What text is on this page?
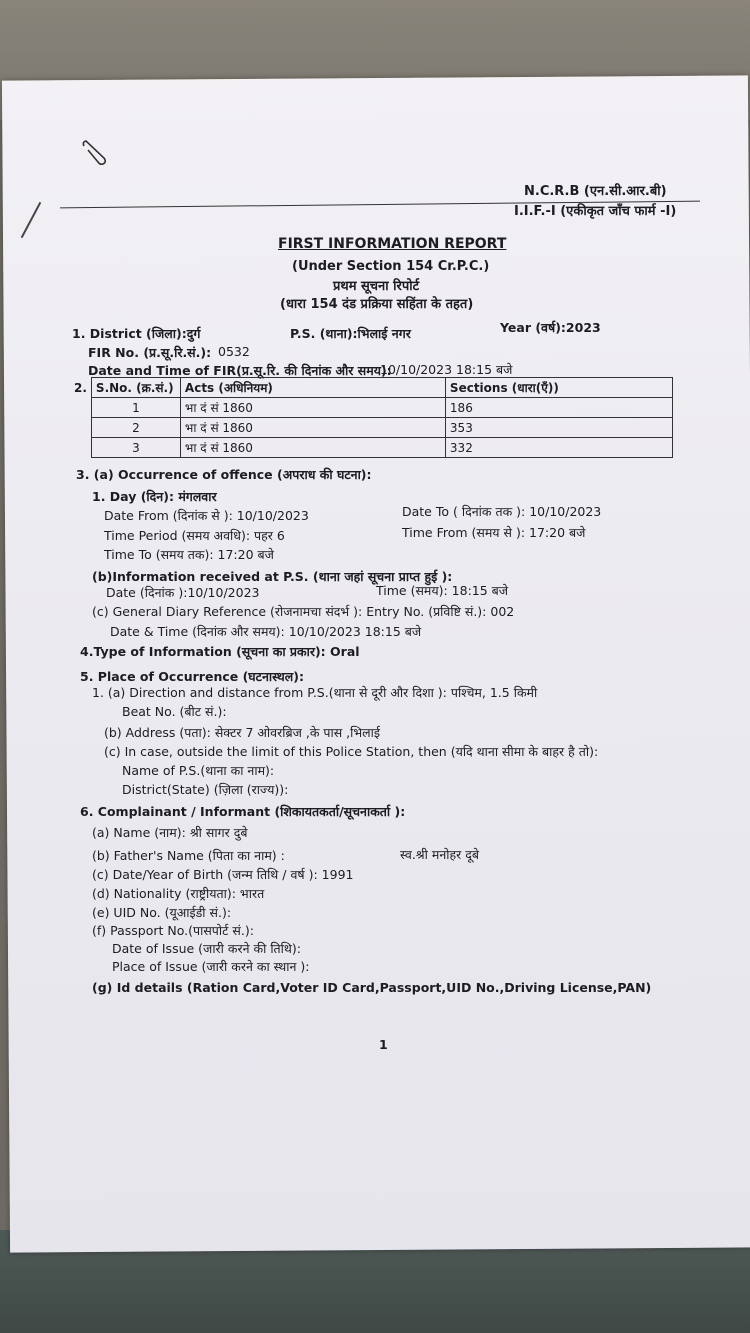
N.C.R.B (एन.सी.आर.बी)
I.I.F.-I (एकीकृत जाँच फार्म -I)
FIRST INFORMATION REPORT
(Under Section 154 Cr.P.C.)
प्रथम सूचना रिपोर्ट
(धारा 154 दंड प्रक्रिया सहिंता के तहत)
1. District (जिला):दुर्ग	P.S. (थाना):भिलाई नगर	Year (वर्ष):2023
FIR No. (प्र.सू.रि.सं.): 0532
Date and Time of FIR(प्र.सू.रि. की दिनांक और समय):
10/10/2023 18:15 बजे
2.	S.No. (क्र.सं.)	Acts (अधिनियम)	Sections (धारा(एँ))
	1	भा दं सं 1860	186
	2	भा दं सं 1860	353
	3	भा दं सं 1860	332
3. (a) Occurrence of offence (अपराध की घटना):
1. Day (दिन): मंगलवार
Date From (दिनांक से ): 10/10/2023	Date To ( दिनांक तक ): 10/10/2023
Time Period (समय अवधि): पहर 6	Time From (समय से ): 17:20 बजे
Time To (समय तक): 17:20 बजे
(b)Information received at P.S. (थाना जहां सूचना प्राप्त हुई ):
Date (दिनांक ):10/10/2023	Time (समय): 18:15 बजे
(c) General Diary Reference (रोजनामचा संदर्भ ): Entry No. (प्रविष्टि सं.): 002
Date & Time (दिनांक और समय): 10/10/2023 18:15 बजे
4.Type of Information (सूचना का प्रकार): Oral
5. Place of Occurrence (घटनास्थल):
1. (a) Direction and distance from P.S.(थाना से दूरी और दिशा ): पश्चिम, 1.5 किमी
Beat No. (बीट सं.):
(b) Address (पता): सेक्टर 7 ओवरब्रिज ,के पास ,भिलाई
(c) In case, outside the limit of this Police Station, then (यदि थाना सीमा के बाहर है तो):
Name of P.S.(थाना का नाम):
District(State) (ज़िला (राज्य)):
6. Complainant / Informant (शिकायतकर्ता/सूचनाकर्ता ):
(a) Name (नाम): श्री सागर दुबे
(b) Father's Name (पिता का नाम) :	स्व.श्री मनोहर दूबे
(c) Date/Year of Birth (जन्म तिथि / वर्ष ): 1991
(d) Nationality (राष्ट्रीयता): भारत
(e) UID No. (यूआईडी सं.):
(f) Passport No.(पासपोर्ट सं.):
Date of Issue (जारी करने की तिथि):
Place of Issue (जारी करने का स्थान ):
(g) Id details (Ration Card,Voter ID Card,Passport,UID No.,Driving License,PAN)
1
